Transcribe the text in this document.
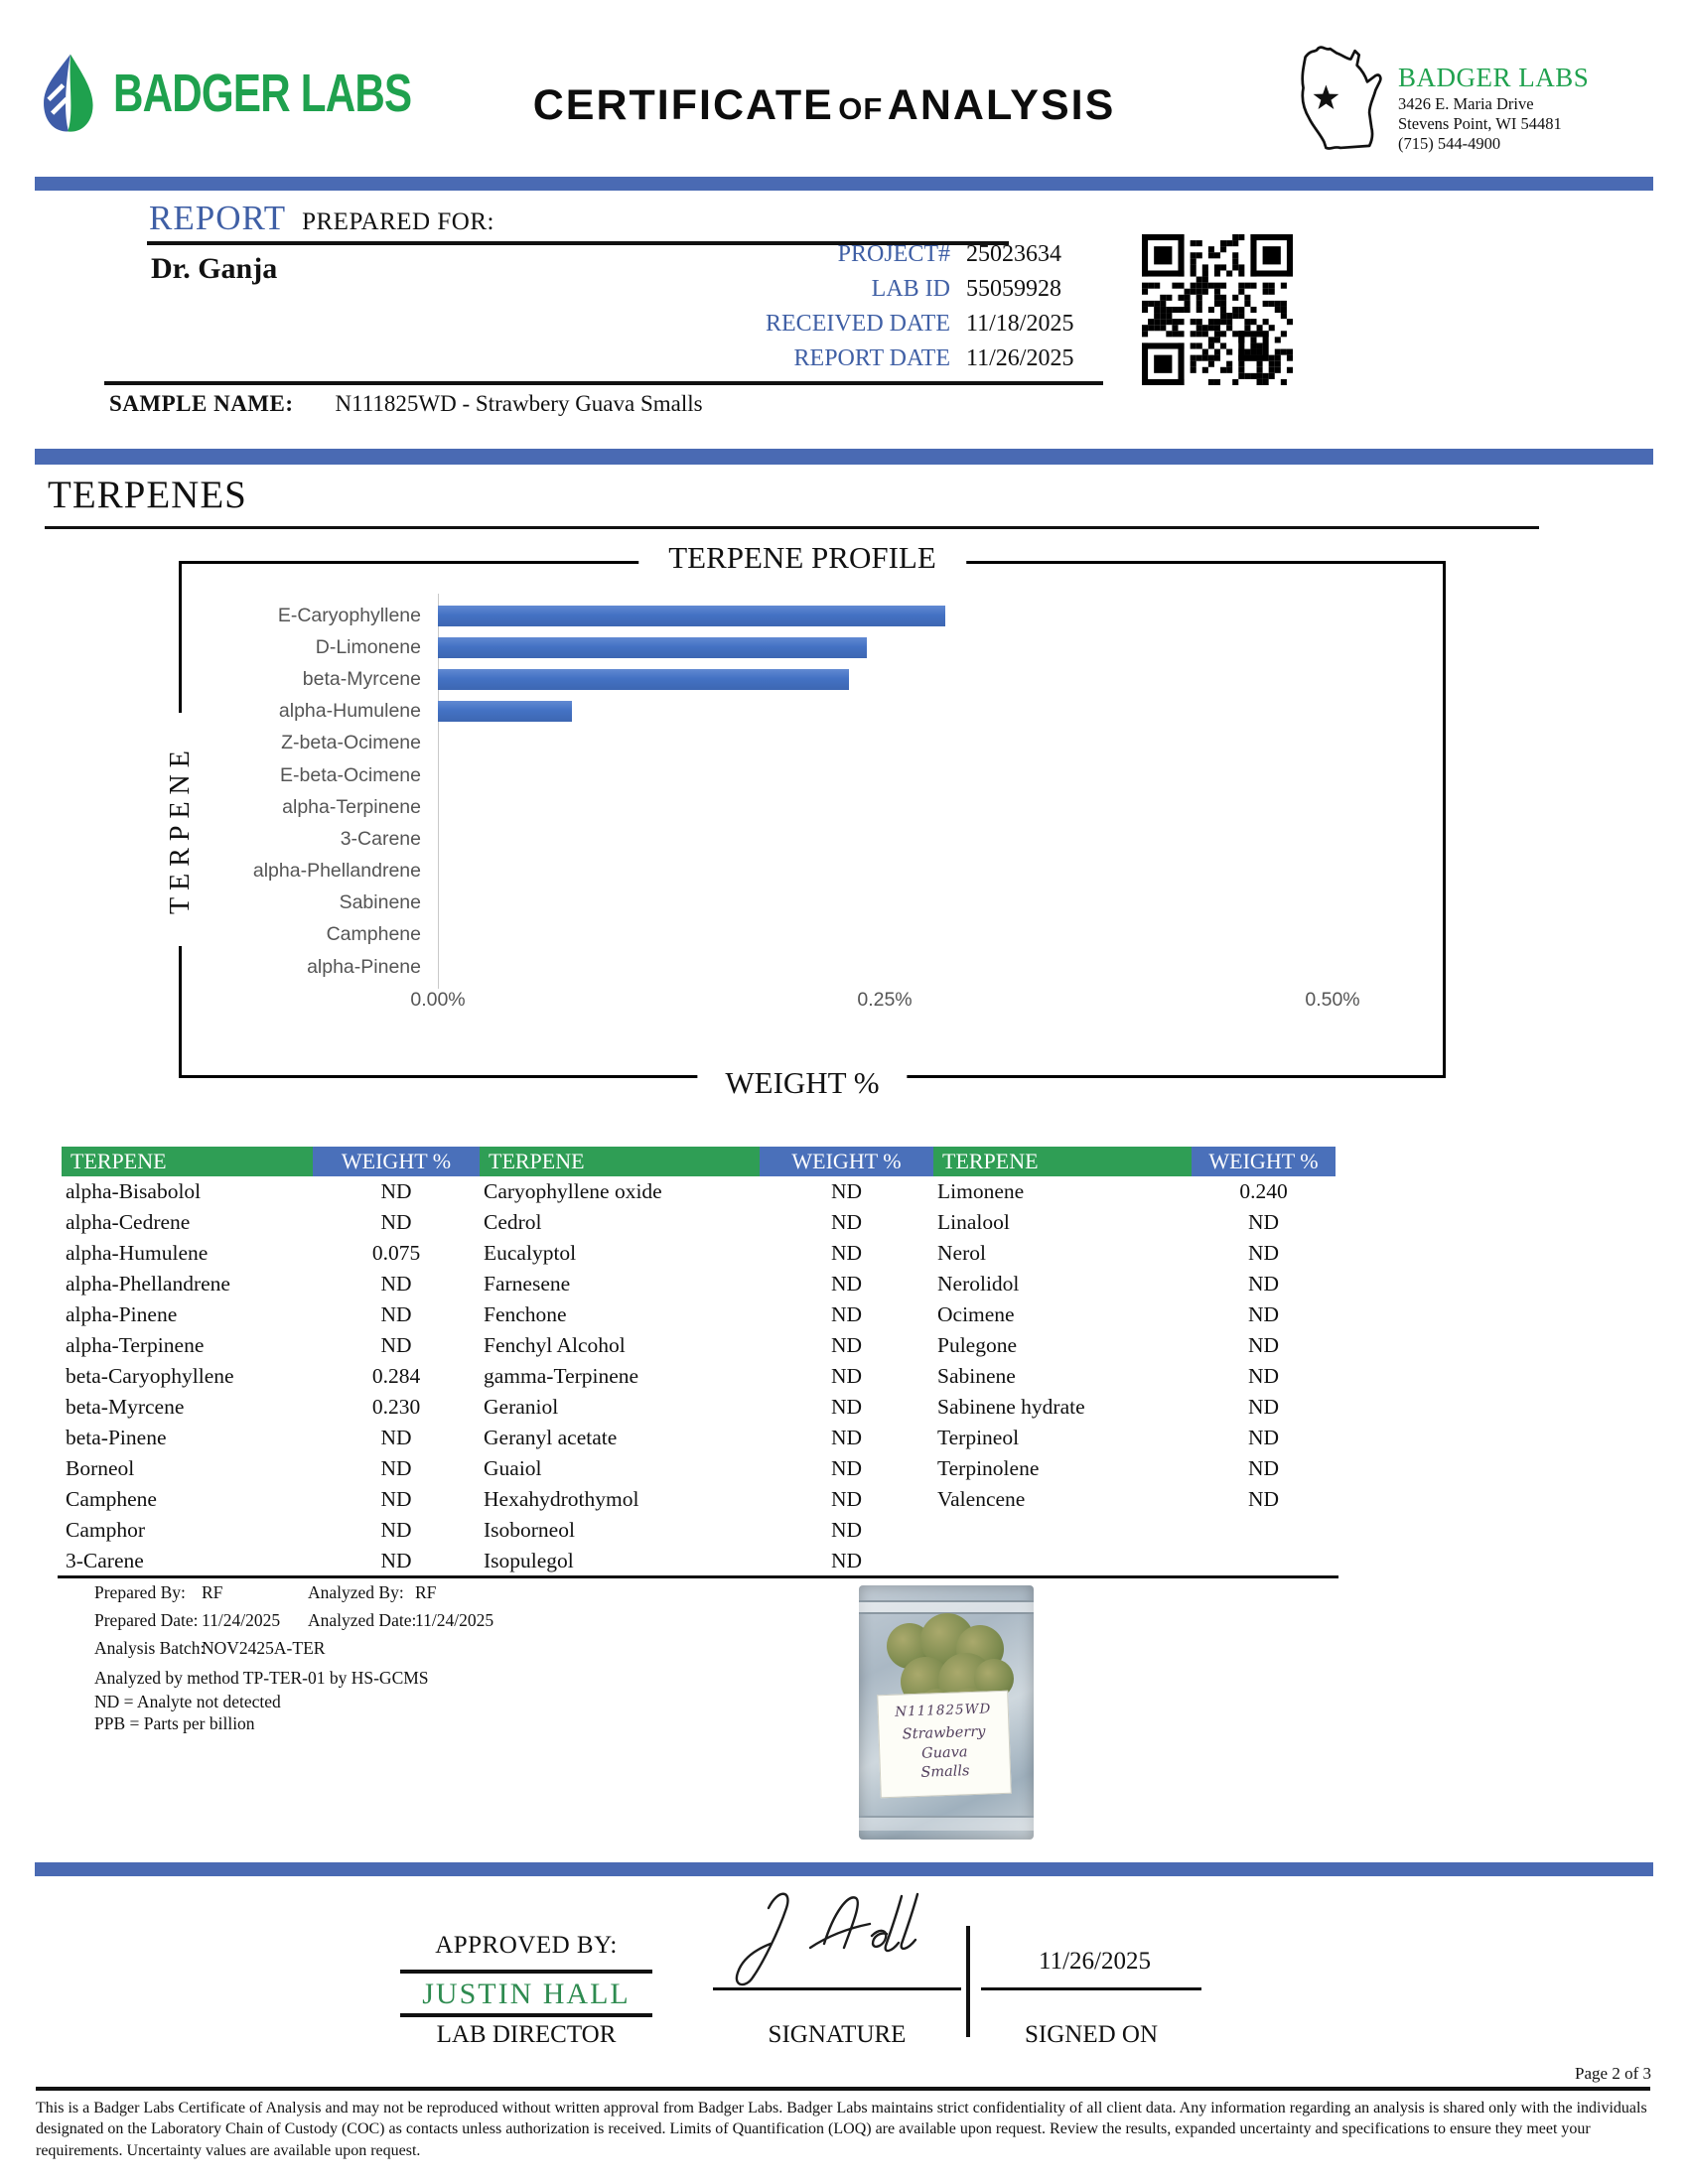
BADGER LABS	CERTIFICATE OF ANALYSIS
BADGER LABS
3426 E. Maria Drive
Stevens Point, WI 54481
(715) 544-4900
REPORT PREPARED FOR:
Dr. Ganja	PROJECT# 25023634
LAB ID 55059928
RECEIVED DATE 11/18/2025
REPORT DATE 11/26/2025
SAMPLE NAME: N111825WD - Strawbery Guava Smalls
TERPENES
TERPENE PROFILE
TERPENE
E-Caryophyllene
D-Limonene
beta-Myrcene
alpha-Humulene
Z-beta-Ocimene
E-beta-Ocimene
alpha-Terpinene
3-Carene
alpha-Phellandrene
Sabinene
Camphene
alpha-Pinene
0.00%	0.25%	0.50%
WEIGHT %
TERPENE	WEIGHT %	TERPENE	WEIGHT %	TERPENE	WEIGHT %
alpha-Bisabolol	ND	Caryophyllene oxide	ND	Limonene	0.240
alpha-Cedrene	ND	Cedrol	ND	Linalool	ND
alpha-Humulene	0.075	Eucalyptol	ND	Nerol	ND
alpha-Phellandrene	ND	Farnesene	ND	Nerolidol	ND
alpha-Pinene	ND	Fenchone	ND	Ocimene	ND
alpha-Terpinene	ND	Fenchyl Alcohol	ND	Pulegone	ND
beta-Caryophyllene	0.284	gamma-Terpinene	ND	Sabinene	ND
beta-Myrcene	0.230	Geraniol	ND	Sabinene hydrate	ND
beta-Pinene	ND	Geranyl acetate	ND	Terpineol	ND
Borneol	ND	Guaiol	ND	Terpinolene	ND
Camphene	ND	Hexahydrothymol	ND	Valencene	ND
Camphor	ND	Isoborneol	ND
3-Carene	ND	Isopulegol	ND
Prepared By: RF	Analyzed By: RF
Prepared Date: 11/24/2025 Analyzed Date:
11/24/2025
Analysis Batch:
NOV2425A-TER
Analyzed by method TP-TER-01 by HS-GCMS
ND = Analyte not detected
PPB = Parts per billion
N111825WD
Strawberry
Guava
Smalls
APPROVED BY:
JUSTIN HALL
LAB DIRECTOR	SIGNATURE
11/26/2025
SIGNED ON
Page 2 of 3
This is a Badger Labs Certificate of Analysis and may not be reproduced without written approval from Badger Labs. Badger Labs maintains strict confidentiality of all client data. Any information regarding an analysis is shared only with the individuals designated on the Laboratory Chain of Custody (COC) as contacts unless authorization is received. Limits of Quantification (LOQ) are available upon request. Review the results, expanded uncertainty and specifications to ensure they meet your requirements. Uncertainty values are available upon request.
